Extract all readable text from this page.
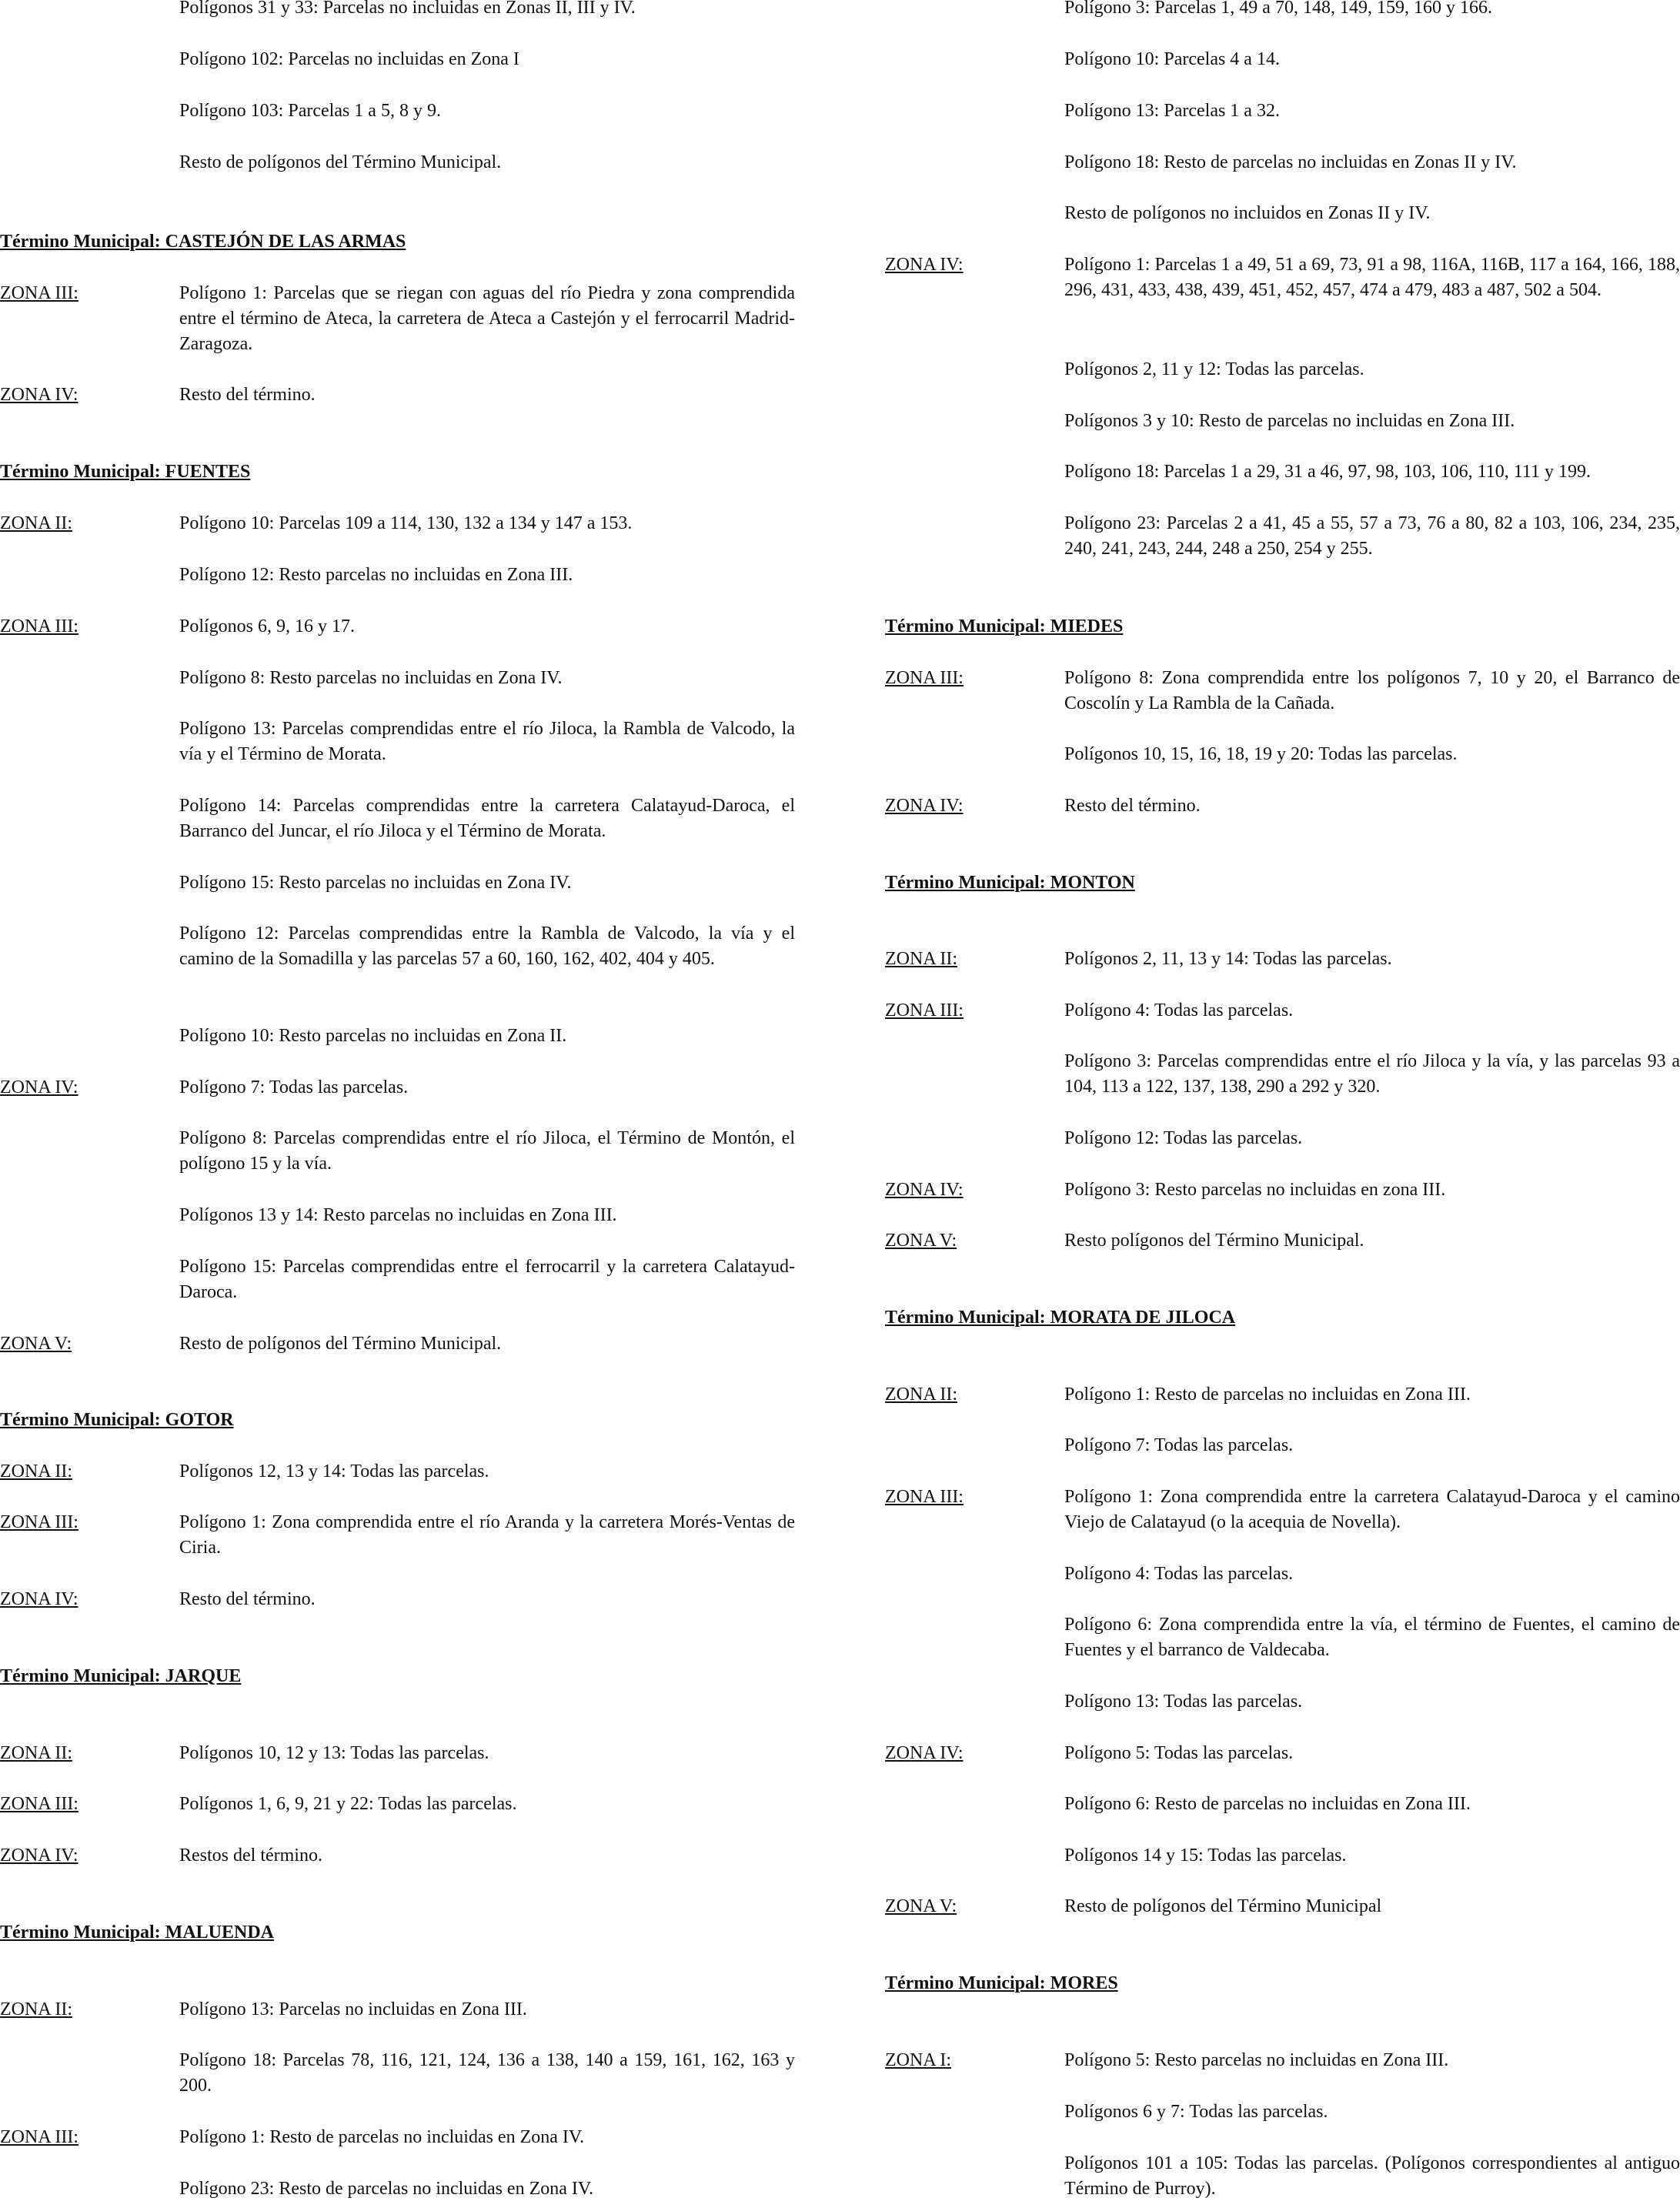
Polígonos 31 y 33: Parcelas no incluidas en Zonas II, III y IV.
Polígono 102: Parcelas no incluidas en Zona I
Polígono 103: Parcelas 1 a 5, 8 y 9.
Resto de polígonos del Término Municipal.
Término Municipal: CASTEJÓN DE LAS ARMAS
ZONA III:	Polígono 1: Parcelas que se riegan con aguas del río Piedra y zona comprendida entre el término de Ateca, la carretera de Ateca a Castejón y el ferrocarril Madrid-Zaragoza.
ZONA IV:	Resto del término.
Término Municipal: FUENTES
ZONA II:	Polígono 10: Parcelas 109 a 114, 130, 132 a 134 y 147 a 153.
Polígono 12: Resto parcelas no incluidas en Zona III.
ZONA III:	Polígonos 6, 9, 16 y 17.
Polígono 8: Resto parcelas no incluidas en Zona IV.
Polígono 13: Parcelas comprendidas entre el río Jiloca, la Rambla de Valcodo, la vía y el Término de Morata.
Polígono 14: Parcelas comprendidas entre la carretera Calatayud-Daroca, el Barranco del Juncar, el río Jiloca y el Término de Morata.
Polígono 15: Resto parcelas no incluidas en Zona IV.
Polígono 12: Parcelas comprendidas entre la Rambla de Valcodo, la vía y el camino de la Somadilla y las parcelas 57 a 60, 160, 162, 402, 404 y 405.
Polígono 10: Resto parcelas no incluidas en Zona II.
ZONA IV:	Polígono 7: Todas las parcelas.
Polígono 8: Parcelas comprendidas entre el río Jiloca, el Término de Montón, el polígono 15 y la vía.
Polígonos 13 y 14: Resto parcelas no incluidas en Zona III.
Polígono 15: Parcelas comprendidas entre el ferrocarril y la carretera Calatayud-Daroca.
ZONA V:	Resto de polígonos del Término Municipal.
Término Municipal: GOTOR
ZONA II:	Polígonos 12, 13 y 14: Todas las parcelas.
ZONA III:	Polígono 1: Zona comprendida entre el río Aranda y la carretera Morés-Ventas de Ciria.
ZONA IV:	Resto del término.
Término Municipal: JARQUE
ZONA II:	Polígonos 10, 12 y 13: Todas las parcelas.
ZONA III:	Polígonos 1, 6, 9, 21 y 22: Todas las parcelas.
ZONA IV:	Restos del término.
Término Municipal: MALUENDA
ZONA II:	Polígono 13: Parcelas no incluidas en Zona III.
Polígono 18: Parcelas 78, 116, 121, 124, 136 a 138, 140 a 159, 161, 162, 163 y 200.
ZONA III:	Polígono 1: Resto de parcelas no incluidas en Zona IV.
Polígono 23: Resto de parcelas no incluidas en Zona IV.
Polígono 3: Parcelas 1, 49 a 70, 148, 149, 159, 160 y 166.
Polígono 10: Parcelas 4 a 14.
Polígono 13: Parcelas 1 a 32.
Polígono 18: Resto de parcelas no incluidas en Zonas II y IV.
Resto de polígonos no incluidos en Zonas II y IV.
ZONA IV:	Polígono 1: Parcelas 1 a 49, 51 a 69, 73, 91 a 98, 116A, 116B, 117 a 164, 166, 188, 296, 431, 433, 438, 439, 451, 452, 457, 474 a 479, 483 a 487, 502 a 504.
Polígonos 2, 11 y 12: Todas las parcelas.
Polígonos 3 y 10: Resto de parcelas no incluidas en Zona III.
Polígono 18: Parcelas 1 a 29, 31 a 46, 97, 98, 103, 106, 110, 111 y 199.
Polígono 23: Parcelas 2 a 41, 45 a 55, 57 a 73, 76 a 80, 82 a 103, 106, 234, 235, 240, 241, 243, 244, 248 a 250, 254 y 255.
Término Municipal: MIEDES
ZONA III:	Polígono 8: Zona comprendida entre los polígonos 7, 10 y 20, el Barranco de Coscolín y La Rambla de la Cañada.
Polígonos 10, 15, 16, 18, 19 y 20: Todas las parcelas.
ZONA IV:	Resto del término.
Término Municipal: MONTON
ZONA II:	Polígonos 2, 11, 13 y 14: Todas las parcelas.
ZONA III:	Polígono 4: Todas las parcelas.
Polígono 3: Parcelas comprendidas entre el río Jiloca y la vía, y las parcelas 93 a 104, 113 a 122, 137, 138, 290 a 292 y 320.
Polígono 12: Todas las parcelas.
ZONA IV:	Polígono 3: Resto parcelas no incluidas en zona III.
ZONA V:	Resto polígonos del Término Municipal.
Término Municipal: MORATA DE JILOCA
ZONA II:	Polígono 1: Resto de parcelas no incluidas en Zona III.
Polígono 7: Todas las parcelas.
ZONA III:	Polígono 1: Zona comprendida entre la carretera Calatayud-Daroca y el camino Viejo de Calatayud (o la acequia de Novella).
Polígono 4: Todas las parcelas.
Polígono 6: Zona comprendida entre la vía, el término de Fuentes, el camino de Fuentes y el barranco de Valdecaba.
Polígono 13: Todas las parcelas.
ZONA IV:	Polígono 5: Todas las parcelas.
Polígono 6: Resto de parcelas no incluidas en Zona III.
Polígonos 14 y 15: Todas las parcelas.
ZONA V:	Resto de polígonos del Término Municipal
Término Municipal: MORES
ZONA I:	Polígono 5: Resto parcelas no incluidas en Zona III.
Polígonos 6 y 7: Todas las parcelas.
Polígonos 101 a 105: Todas las parcelas. (Polígonos correspondientes al antiguo Término de Purroy).
